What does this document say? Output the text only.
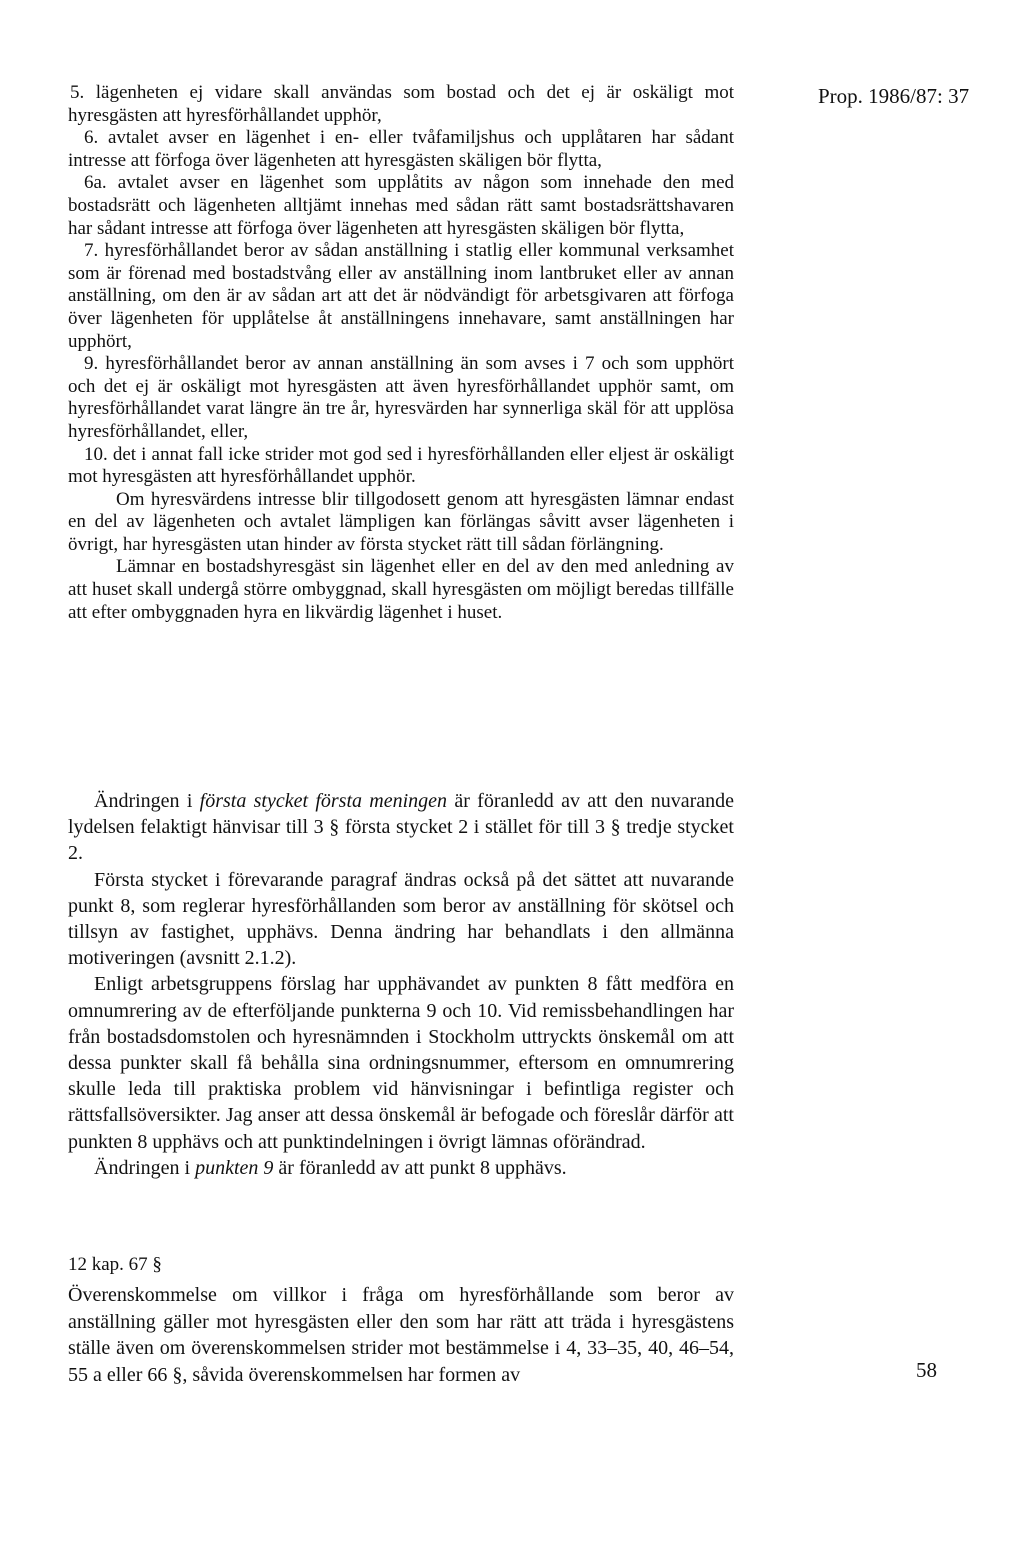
Prop. 1986/87: 37

5. lägenheten ej vidare skall användas som bostad och det ej är oskäligt mot hyresgästen att hyresförhållandet upphör,

6. avtalet avser en lägenhet i en- eller tvåfamiljshus och upplåtaren har sådant intresse att förfoga över lägenheten att hyresgästen skäligen bör flytta,

6a. avtalet avser en lägenhet som upplåtits av någon som innehade den med bostadsrätt och lägenheten alltjämt innehas med sådan rätt samt bostadsrättshavaren har sådant intresse att förfoga över lägenheten att hyresgästen skäligen bör flytta,

7. hyresförhållandet beror av sådan anställning i statlig eller kommunal verksamhet som är förenad med bostadstvång eller av anställning inom lantbruket eller av annan anställning, om den är av sådan art att det är nödvändigt för arbetsgivaren att förfoga över lägenheten för upplåtelse åt anställningens innehavare, samt anställningen har upphört,

9. hyresförhållandet beror av annan anställning än som avses i 7 och som upphört och det ej är oskäligt mot hyresgästen att även hyresförhållandet upphör samt, om hyresförhållandet varat längre än tre år, hyresvärden har synnerliga skäl för att upplösa hyresförhållandet, eller,

10. det i annat fall icke strider mot god sed i hyresförhållanden eller eljest är oskäligt mot hyresgästen att hyresförhållandet upphör.

Om hyresvärdens intresse blir tillgodosett genom att hyresgästen lämnar endast en del av lägenheten och avtalet lämpligen kan förlängas såvitt avser lägenheten i övrigt, har hyresgästen utan hinder av första stycket rätt till sådan förlängning.

Lämnar en bostadshyresgäst sin lägenhet eller en del av den med anledning av att huset skall undergå större ombyggnad, skall hyresgästen om möjligt beredas tillfälle att efter ombyggnaden hyra en likvärdig lägenhet i huset.

Ändringen i första stycket första meningen är föranledd av att den nuvarande lydelsen felaktigt hänvisar till 3 § första stycket 2 i stället för till 3 § tredje stycket 2.

Första stycket i förevarande paragraf ändras också på det sättet att nuvarande punkt 8, som reglerar hyresförhållanden som beror av anställning för skötsel och tillsyn av fastighet, upphävs. Denna ändring har behandlats i den allmänna motiveringen (avsnitt 2.1.2).

Enligt arbetsgruppens förslag har upphävandet av punkten 8 fått medföra en omnumrering av de efterföljande punkterna 9 och 10. Vid remissbehandlingen har från bostadsdomstolen och hyresnämnden i Stockholm uttryckts önskemål om att dessa punkter skall få behålla sina ordningsnummer, eftersom en omnumrering skulle leda till praktiska problem vid hänvisningar i befintliga register och rättsfallsöversikter. Jag anser att dessa önskemål är befogade och föreslår därför att punkten 8 upphävs och att punktindelningen i övrigt lämnas oförändrad.

Ändringen i punkten 9 är föranledd av att punkt 8 upphävs.

12 kap. 67 §

Överenskommelse om villkor i fråga om hyresförhållande som beror av anställning gäller mot hyresgästen eller den som har rätt att träda i hyresgästens ställe även om överenskommelsen strider mot bestämmelse i 4, 33–35, 40, 46–54, 55 a eller 66 §, såvida överenskommelsen har formen av	58
